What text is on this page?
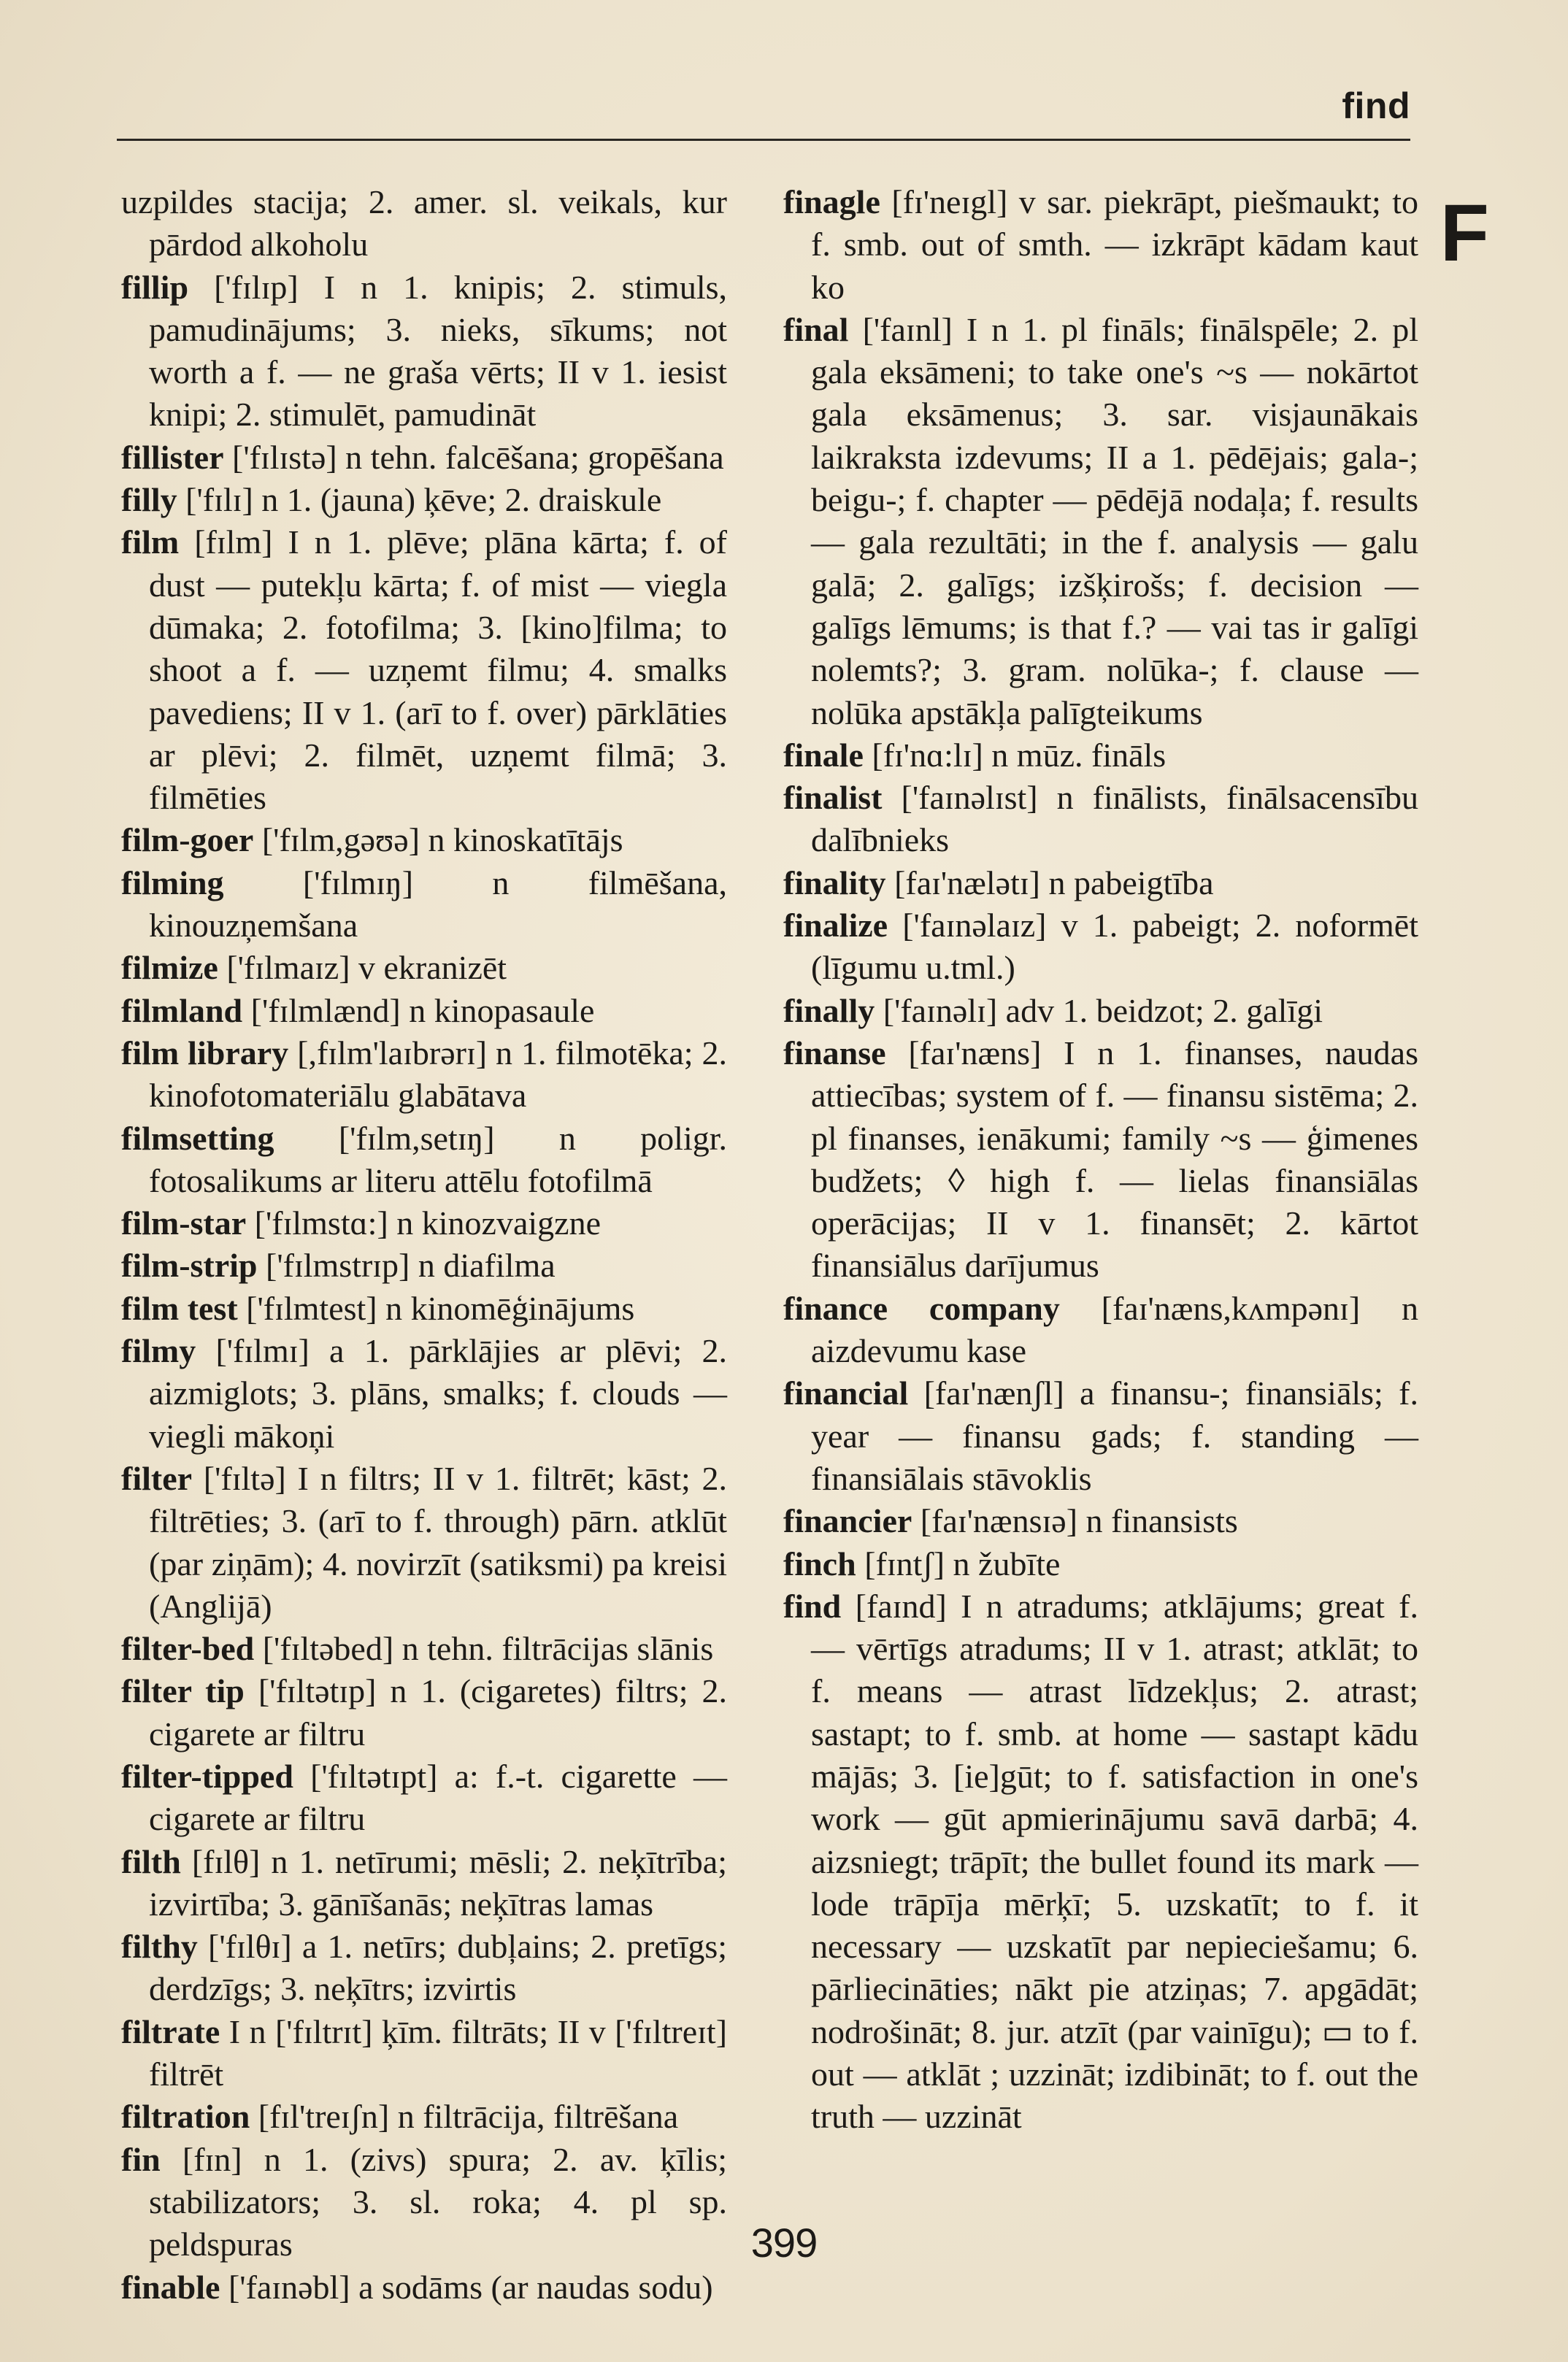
find
F

uzpildes stacija; 2. amer. sl. veikals, kur pārdod alkoholu

fillip ['fɪlɪp] I n 1. knipis; 2. stimuls, pamudinājums; 3. nieks, sīkums; not worth a f. — ne graša vērts; II v 1. iesist knipi; 2. stimulēt, pamudināt

fillister ['fɪlɪstə] n tehn. falcēšana; gropēšana

filly ['fɪlɪ] n 1. (jauna) ķēve; 2. draiskule

film [fɪlm] I n 1. plēve; plāna kārta; f. of dust — putekļu kārta; f. of mist — viegla dūmaka; 2. fotofilma; 3. [kino]filma; to shoot a f. — uzņemt filmu; 4. smalks pavediens; II v 1. (arī to f. over) pārklāties ar plēvi; 2. filmēt, uzņemt filmā; 3. filmēties

film-goer ['fɪlm,gəʊə] n kinoskatītājs

filming ['fɪlmɪŋ] n filmēšana, kinouzņemšana

filmize ['fɪlmaɪz] v ekranizēt

filmland ['fɪlmlænd] n kinopasaule

film library [,fɪlm'laɪbrərɪ] n 1. filmotēka; 2. kinofotomateriālu glabātava

filmsetting ['fɪlm,setɪŋ] n poligr. fotosalikums ar literu attēlu fotofilmā

film-star ['fɪlmstɑ:] n kinozvaigzne

film-strip ['fɪlmstrɪp] n diafilma

film test ['fɪlmtest] n kinomēģinājums

filmy ['fɪlmɪ] a 1. pārklājies ar plēvi; 2. aizmiglots; 3. plāns, smalks; f. clouds — viegli mākoņi

filter ['fɪltə] I n filtrs; II v 1. filtrēt; kāst; 2. filtrēties; 3. (arī to f. through) pārn. atklūt (par ziņām); 4. novirzīt (satiksmi) pa kreisi (Anglijā)

filter-bed ['fɪltəbed] n tehn. filtrācijas slānis

filter tip ['fɪltətɪp] n 1. (cigaretes) filtrs; 2. cigarete ar filtru

filter-tipped ['fɪltətɪpt] a: f.-t. cigarette — cigarete ar filtru

filth [fɪlθ] n 1. netīrumi; mēsli; 2. neķītrība; izvirtība; 3. gānīšanās; neķītras lamas

filthy ['fɪlθɪ] a 1. netīrs; dubļains; 2. pretīgs; derdzīgs; 3. neķītrs; izvirtis

filtrate I n ['fɪltrɪt] ķīm. filtrāts; II v ['fɪltreɪt] filtrēt

filtration [fɪl'treɪʃn] n filtrācija, filtrēšana

fin [fɪn] n 1. (zivs) spura; 2. av. ķīlis; stabilizators; 3. sl. roka; 4. pl sp. peldspuras

finable ['faɪnəbl] a sodāms (ar naudas sodu)

finagle [fɪ'neɪgl] v sar. piekrāpt, piešmaukt; to f. smb. out of smth. — izkrāpt kādam kaut ko

final ['faɪnl] I n 1. pl fināls; finālspēle; 2. pl gala eksāmeni; to take one's ~s — nokārtot gala eksāmenus; 3. sar. visjaunākais laikraksta izdevums; II a 1. pēdējais; gala-; beigu-; f. chapter — pēdējā nodaļa; f. results — gala rezultāti; in the f. analysis — galu galā; 2. galīgs; izšķirošs; f. decision — galīgs lēmums; is that f.? — vai tas ir galīgi nolemts?; 3. gram. nolūka-; f. clause — nolūka apstākļa palīgteikums

finale [fɪ'nɑ:lɪ] n mūz. fināls

finalist ['faɪnəlɪst] n finālists, finālsacensību dalībnieks

finality [faɪ'nælətɪ] n pabeigtība

finalize ['faɪnəlaɪz] v 1. pabeigt; 2. noformēt (līgumu u.tml.)

finally ['faɪnəlɪ] adv 1. beidzot; 2. galīgi

finanse [faɪ'næns] I n 1. finanses, naudas attiecības; system of f. — finansu sistēma; 2. pl finanses, ienākumi; family ~s — ģimenes budžets; ◊ high f. — lielas finansiālas operācijas; II v 1. finansēt; 2. kārtot finansiālus darījumus

finance company [faɪ'næns,kʌmpənɪ] n aizdevumu kase

financial [faɪ'nænʃl] a finansu-; finansiāls; f. year — finansu gads; f. standing — finansiālais stāvoklis

financier [faɪ'nænsɪə] n finansists

finch [fɪntʃ] n žubīte

find [faɪnd] I n atradums; atklājums; great f. — vērtīgs atradums; II v 1. atrast; atklāt; to f. means — atrast līdzekļus; 2. atrast; sastapt; to f. smb. at home — sastapt kādu mājās; 3. [ie]gūt; to f. satisfaction in one's work — gūt apmierinājumu savā darbā; 4. aizsniegt; trāpīt; the bullet found its mark — lode trāpīja mērķī; 5. uzskatīt; to f. it necessary — uzskatīt par nepieciešamu; 6. pārliecināties; nākt pie atziņas; 7. apgādāt; nodrošināt; 8. jur. atzīt (par vainīgu); ▭ to f. out — atklāt ; uzzināt; izdibināt; to f. out the truth — uzzināt

399
